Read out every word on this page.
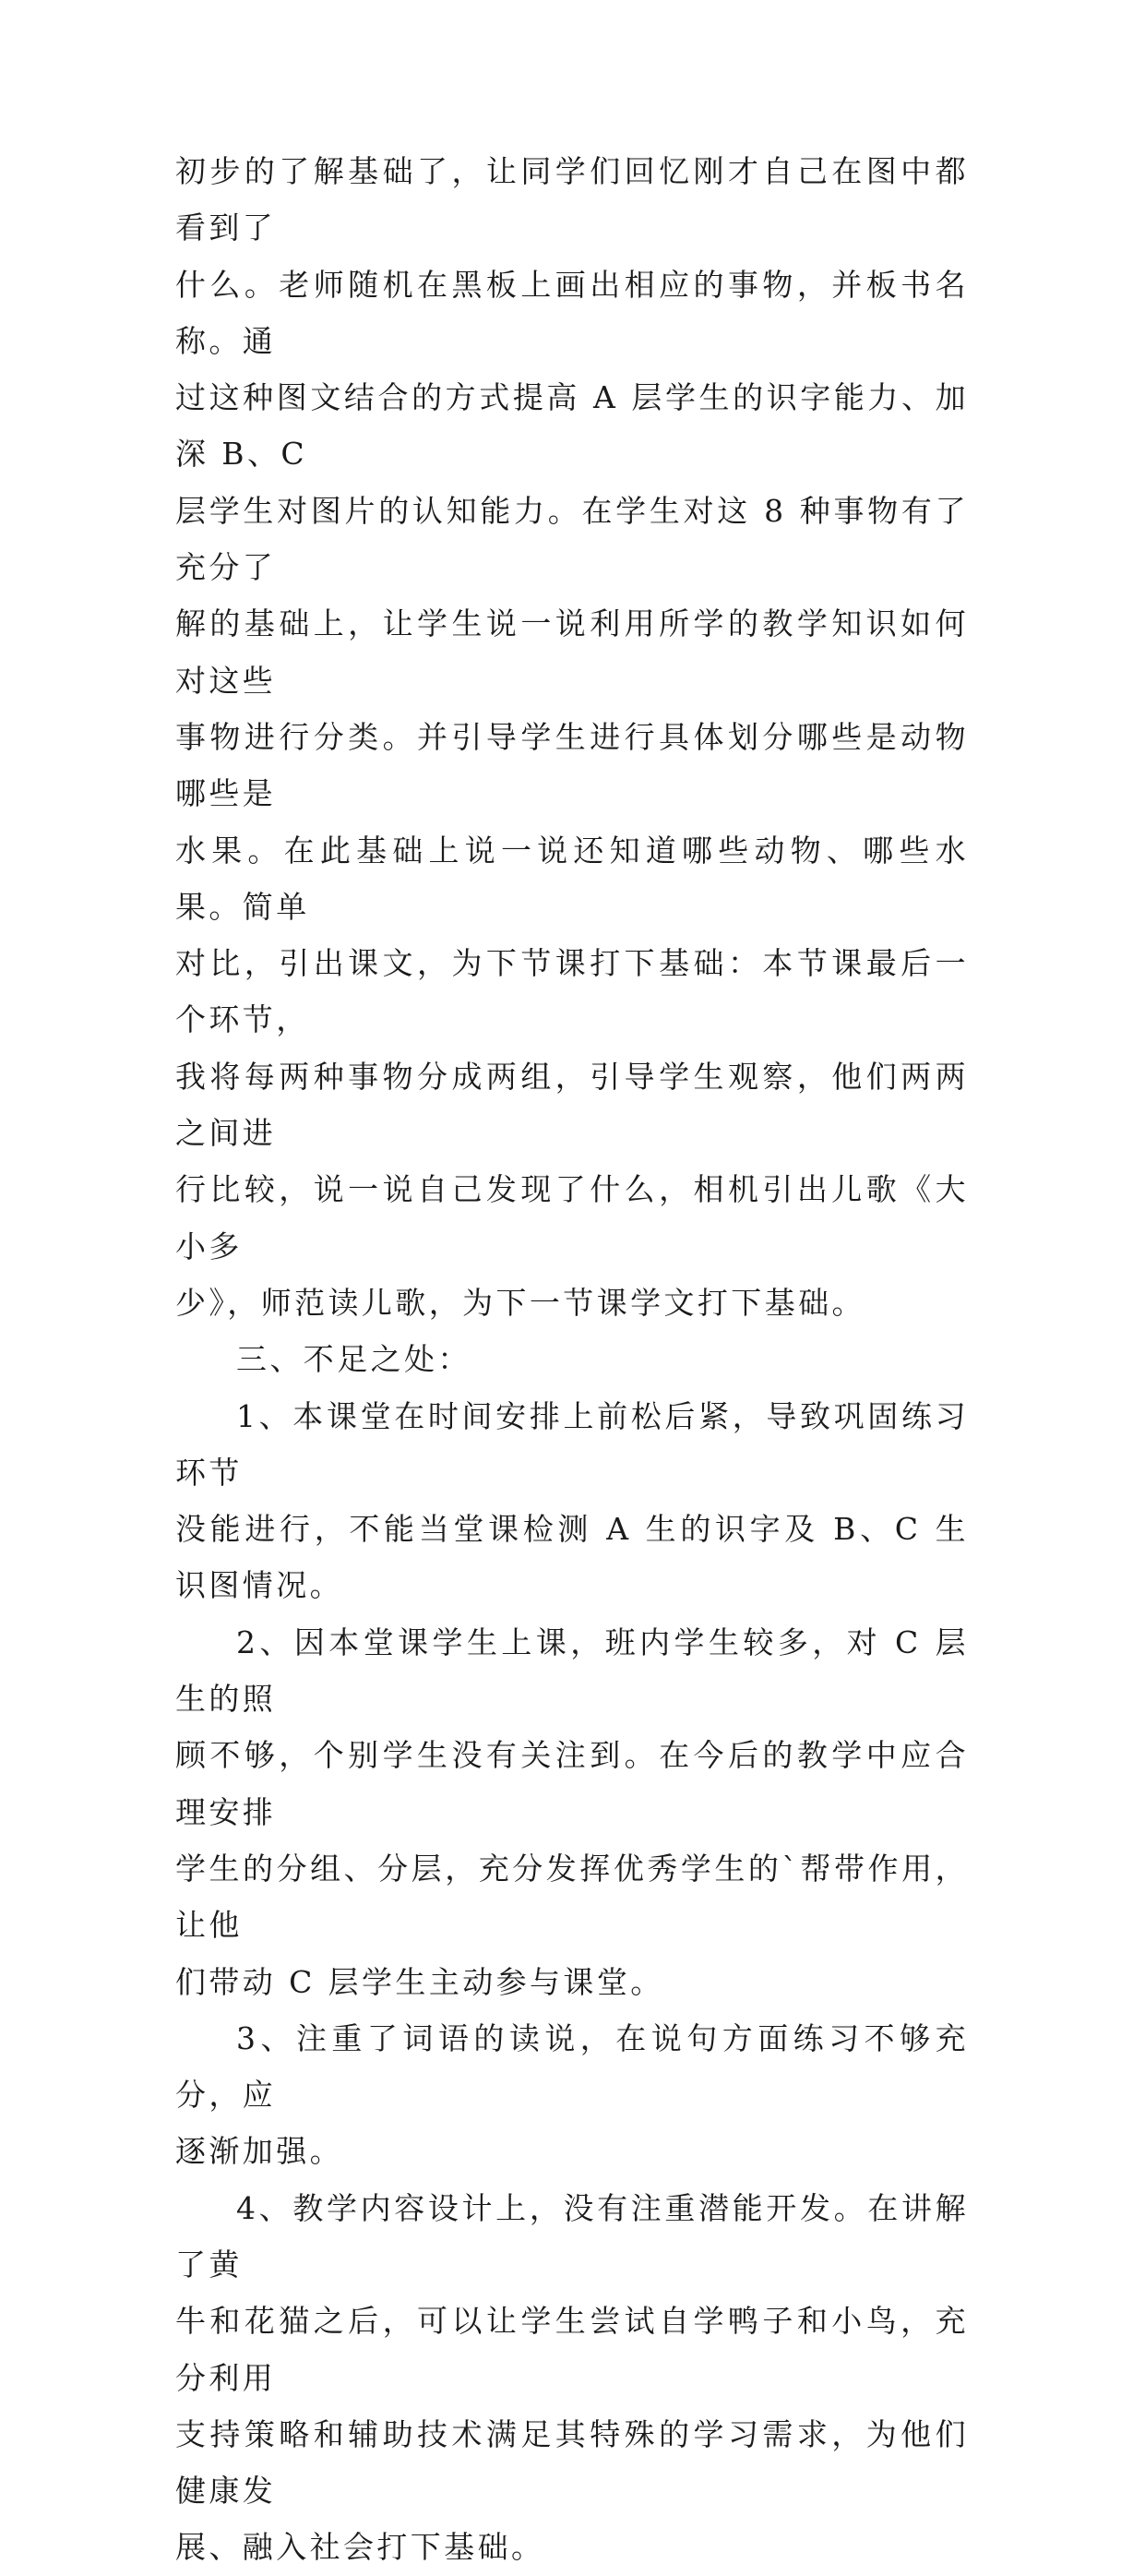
初步的了解基础了，让同学们回忆刚才自己在图中都看到了
什么。老师随机在黑板上画出相应的事物，并板书名称。通
过这种图文结合的方式提高 A 层学生的识字能力、加深 B、C
层学生对图片的认知能力。在学生对这 8 种事物有了充分了
解的基础上，让学生说一说利用所学的教学知识如何对这些
事物进行分类。并引导学生进行具体划分哪些是动物哪些是
水果。在此基础上说一说还知道哪些动物、哪些水果。简单
对比，引出课文，为下节课打下基础：本节课最后一个环节，
我将每两种事物分成两组，引导学生观察，他们两两之间进
行比较，说一说自己发现了什么，相机引出儿歌《大小多
少》，师范读儿歌，为下一节课学文打下基础。

三、不足之处：

1、本课堂在时间安排上前松后紧，导致巩固练习环节
没能进行，不能当堂课检测 A 生的识字及 B、C 生识图情况。

2、因本堂课学生上课，班内学生较多，对 C 层生的照
顾不够，个别学生没有关注到。在今后的教学中应合理安排
学生的分组、分层，充分发挥优秀学生的`帮带作用，让他
们带动 C 层学生主动参与课堂。

3、注重了词语的读说，在说句方面练习不够充分，应
逐渐加强。

4、教学内容设计上，没有注重潜能开发。在讲解了黄
牛和花猫之后，可以让学生尝试自学鸭子和小鸟，充分利用
支持策略和辅助技术满足其特殊的学习需求，为他们健康发
展、融入社会打下基础。
